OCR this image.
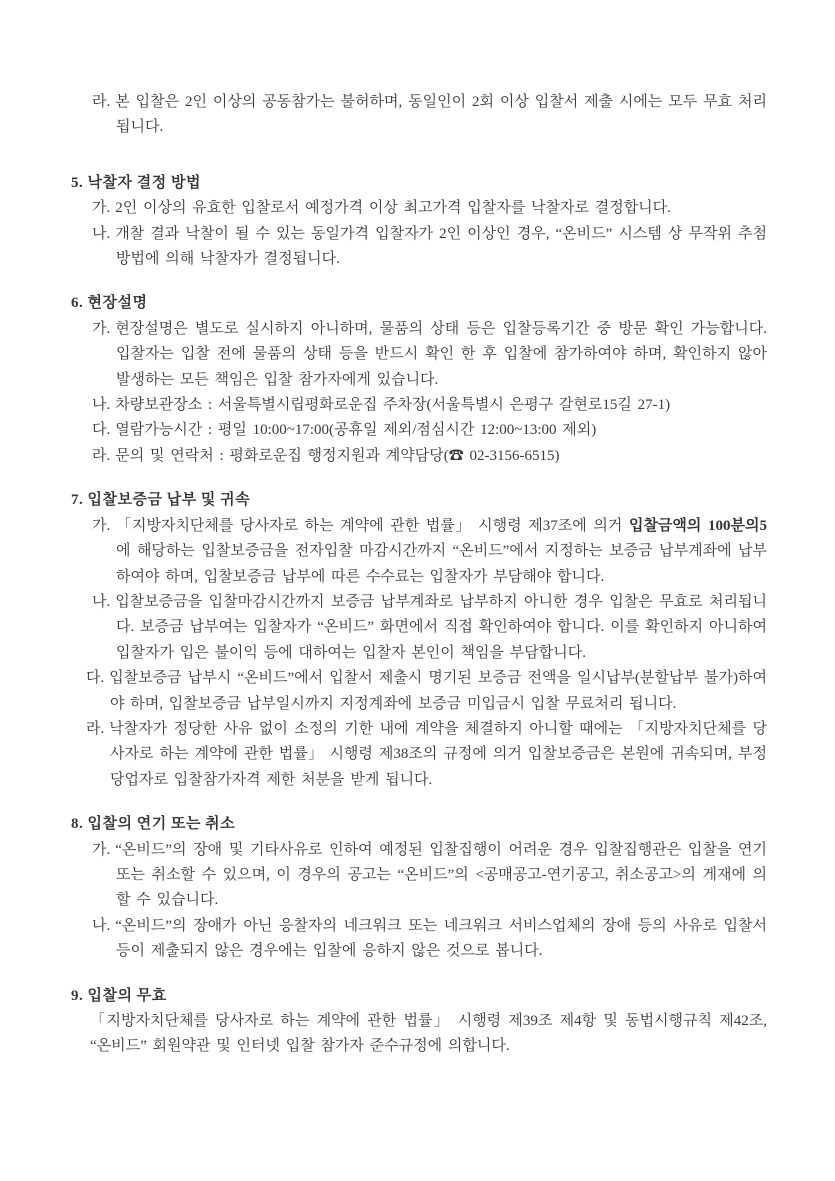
라. 본 입찰은 2인 이상의 공동참가는 불허하며, 동일인이 2회 이상 입찰서 제출 시에는 모두 무효 처리됩니다.

5. 낙찰자 결정 방법

가. 2인 이상의 유효한 입찰로서 예정가격 이상 최고가격 입찰자를 낙찰자로 결정합니다.

나. 개찰 결과 낙찰이 될 수 있는 동일가격 입찰자가 2인 이상인 경우, “온비드” 시스템 상 무작위 추첨방법에 의해 낙찰자가 결정됩니다.

6. 현장설명

가. 현장설명은 별도로 실시하지 아니하며, 물품의 상태 등은 입찰등록기간 중 방문 확인 가능합니다. 입찰자는 입찰 전에 물품의 상태 등을 반드시 확인 한 후 입찰에 참가하여야 하며, 확인하지 않아 발생하는 모든 책임은 입찰 참가자에게 있습니다.

나. 차량보관장소 : 서울특별시립평화로운집 주차장(서울특별시 은평구 갈현로15길 27-1)

다. 열람가능시간 : 평일 10:00~17:00(공휴일 제외/점심시간 12:00~13:00 제외)

라. 문의 및 연락처 : 평화로운집 행정지원과 계약담당(☎ 02-3156-6515)

7. 입찰보증금 납부 및 귀속

가. 「지방자치단체를 당사자로 하는 계약에 관한 법률」 시행령 제37조에 의거 입찰금액의 100분의5에 해당하는 입찰보증금을 전자입찰 마감시간까지 “온비드”에서 지정하는 보증금 납부계좌에 납부하여야 하며, 입찰보증금 납부에 따른 수수료는 입찰자가 부담해야 합니다.

나. 입찰보증금을 입찰마감시간까지 보증금 납부계좌로 납부하지 아니한 경우 입찰은 무효로 처리됩니다. 보증금 납부여는 입찰자가 “온비드” 화면에서 직접 확인하여야 합니다. 이를 확인하지 아니하여 입찰자가 입은 불이익 등에 대하여는 입찰자 본인이 책임을 부담합니다.

다. 입찰보증금 납부시 “온비드”에서 입찰서 제출시 명기된 보증금 전액을 일시납부(분할납부 불가)하여야 하며, 입찰보증금 납부일시까지 지정계좌에 보증금 미입금시 입찰 무료처리 됩니다.

라. 낙찰자가 정당한 사유 없이 소정의 기한 내에 계약을 체결하지 아니할 때에는 「지방자치단체를 당사자로 하는 계약에 관한 법률」 시행령 제38조의 규정에 의거 입찰보증금은 본원에 귀속되며, 부정당업자로 입찰참가자격 제한 처분을 받게 됩니다.

8. 입찰의 연기 또는 취소

가. “온비드”의 장애 및 기타사유로 인하여 예정된 입찰집행이 어려운 경우 입찰집행관은 입찰을 연기 또는 취소할 수 있으며, 이 경우의 공고는 “온비드”의 <공매공고-연기공고, 취소공고>의 게재에 의할 수 있습니다.

나. “온비드”의 장애가 아닌 응찰자의 네크워크 또는 네크워크 서비스업체의 장애 등의 사유로 입찰서 등이 제출되지 않은 경우에는 입찰에 응하지 않은 것으로 봅니다.

9. 입찰의 무효

「지방자치단체를 당사자로 하는 계약에 관한 법률」 시행령 제39조 제4항 및 동법시행규칙 제42조, “온비드” 회원약관 및 인터넷 입찰 참가자 준수규정에 의합니다.
